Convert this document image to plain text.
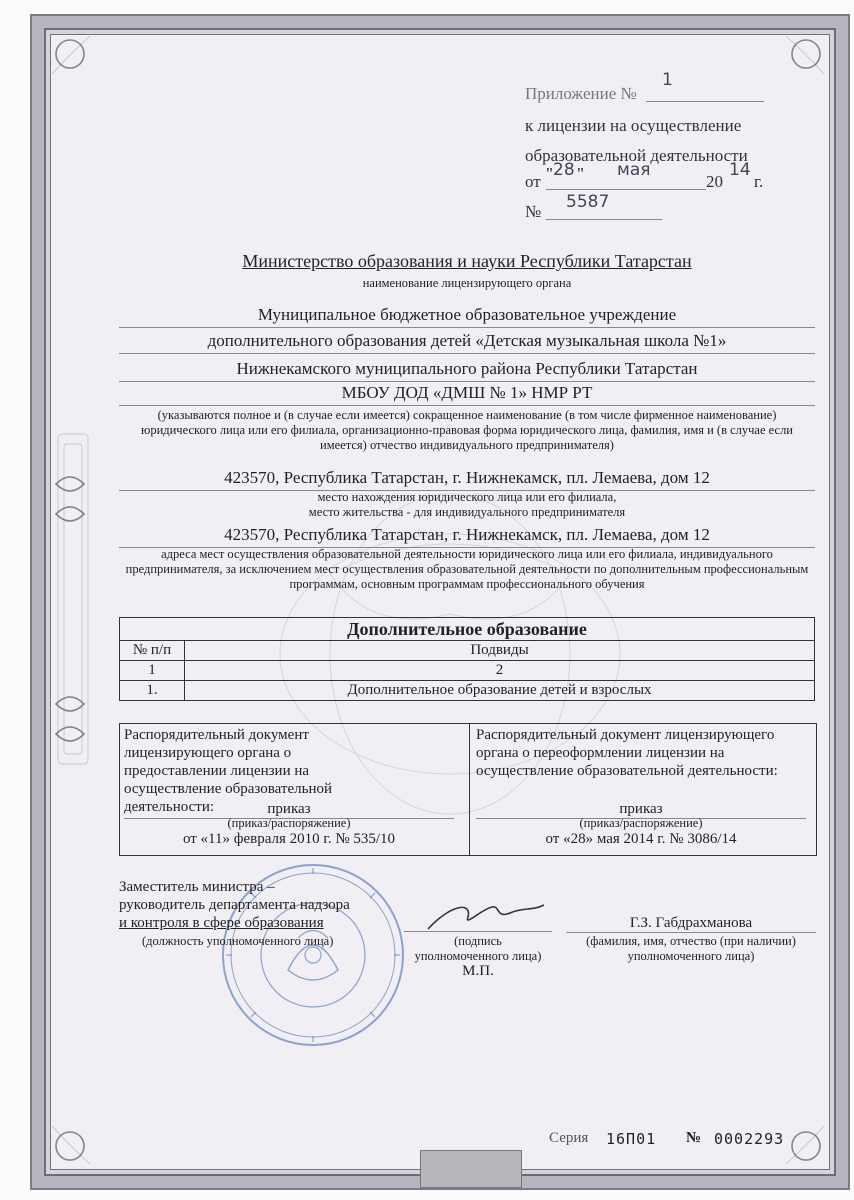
Приложение №
1
к лицензии на осуществление
образовательной деятельности
от " 28 " мая
20
14
г.
№ 5587
Министерство образования и науки Республики Татарстан
наименование лицензирующего органа
Муниципальное бюджетное образовательное учреждение
дополнительного образования детей «Детская музыкальная школа №1»
Нижнекамского муниципального района Республики Татарстан
МБОУ ДОД «ДМШ № 1» НМР РТ
(указываются полное и (в случае если имеется) сокращенное наименование (в том числе фирменное наименование) юридического лица или его филиала, организационно-правовая форма юридического лица, фамилия, имя и (в случае если имеется) отчество индивидуального предпринимателя)
423570, Республика Татарстан, г. Нижнекамск, пл. Лемаева, дом 12
место нахождения юридического лица или его филиала,
место жительства - для индивидуального предпринимателя
423570, Республика Татарстан, г. Нижнекамск, пл. Лемаева, дом 12
адреса мест осуществления образовательной деятельности юридического лица или его филиала, индивидуального предпринимателя, за исключением мест осуществления образовательной деятельности по дополнительным профессиональным программам, основным программам профессионального обучения
Дополнительное образование	
№ п/п	Подвиды
1	2
1.	Дополнительное образование детей и взрослых
Распорядительный документ лицензирующего органа о предоставлении лицензии на осуществление образовательной деятельности:	приказ
(приказ/распоряжение)
от «11» февраля 2010 г. № 535/10
Распорядительный документ лицензирующего органа о переоформлении лицензии на осуществление образовательной деятельности:
приказ
(приказ/распоряжение)
от «28» мая 2014 г. № 3086/14
Заместитель министра –
руководитель департамента надзора
и контроля в сфере образования
(должность уполномоченного лица)	(подпись
уполномоченного лица)
М.П.
Г.З. Габдрахманова
(фамилия, имя, отчество (при наличии)
уполномоченного лица)
Серия 16П01 № 0002293
